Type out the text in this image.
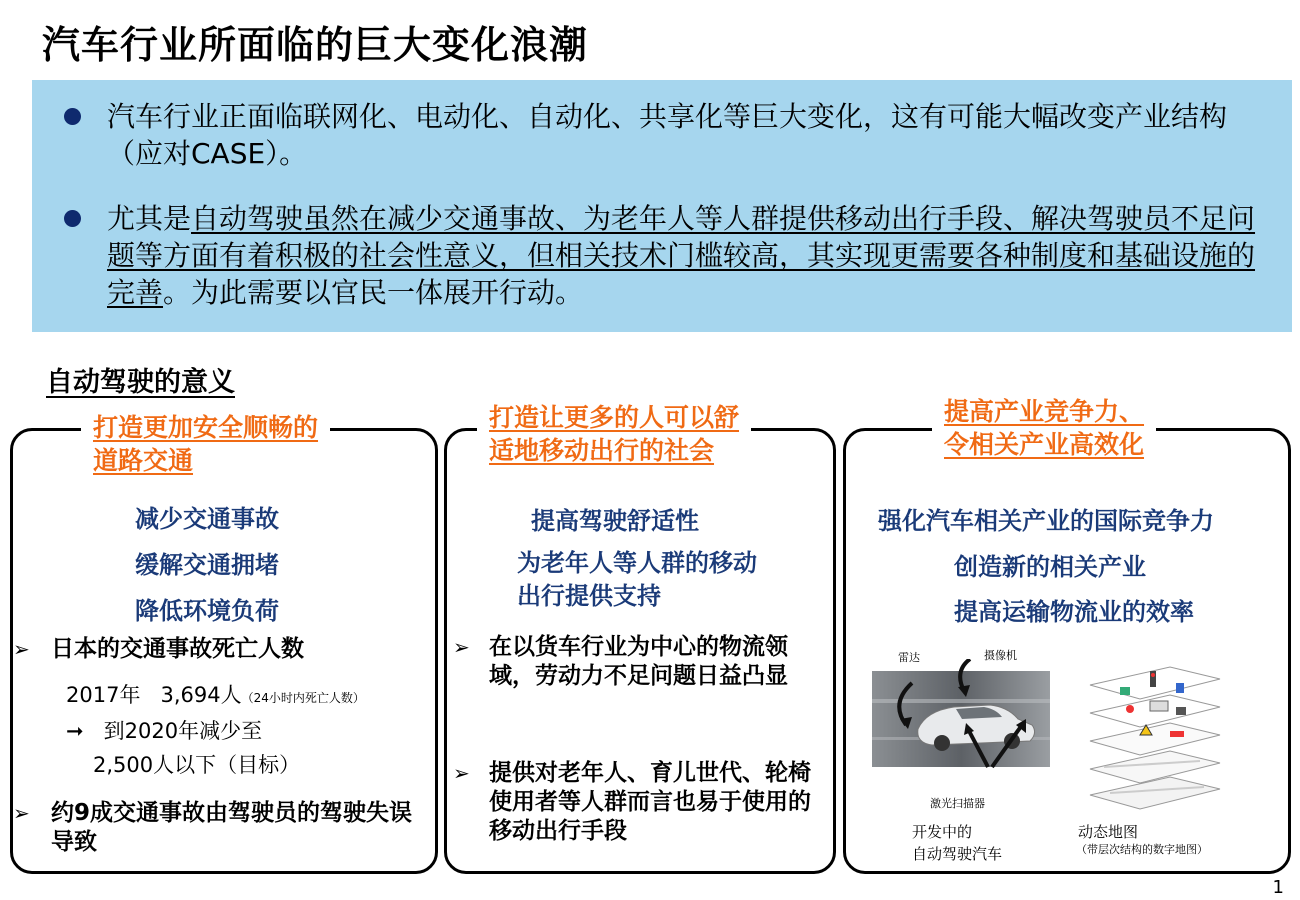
汽车行业所面临的巨大变化浪潮
汽车行业正面临联网化、电动化、自动化、共享化等巨大变化，这有可能大幅改变产业结构（应对CASE）。
尤其是自动驾驶虽然在减少交通事故、为老年人等人群提供移动出行手段、解决驾驶员不足问题等方面有着积极的社会性意义，但相关技术门槛较高，其实现更需要各种制度和基础设施的完善。为此需要以官民一体展开行动。
自动驾驶的意义
打造更加安全顺畅的
道路交通
减少交通事故
缓解交通拥堵
降低环境负荷
➢ 日本的交通事故死亡人数
2017年 3,694人（24小时内死亡人数）
➞ 到2020年减少至
2,500人以下（目标）
➢ 约9成交通事故由驾驶员的驾驶失误导致
打造让更多的人可以舒
适地移动出行的社会
提高驾驶舒适性
为老年人等人群的移动
出行提供支持
➢ 在以货车行业为中心的物流领域，劳动力不足问题日益凸显
➢ 提供对老年人、育儿世代、轮椅使用者等人群而言也易于使用的移动出行手段
提高产业竞争力、
令相关产业高效化
强化汽车相关产业的国际竞争力
创造新的相关产业
提高运输物流业的效率
雷达	摄像机
激光扫描器
开发中的
自动驾驶汽车
动态地图
（带层次结构的数字地图）
1
